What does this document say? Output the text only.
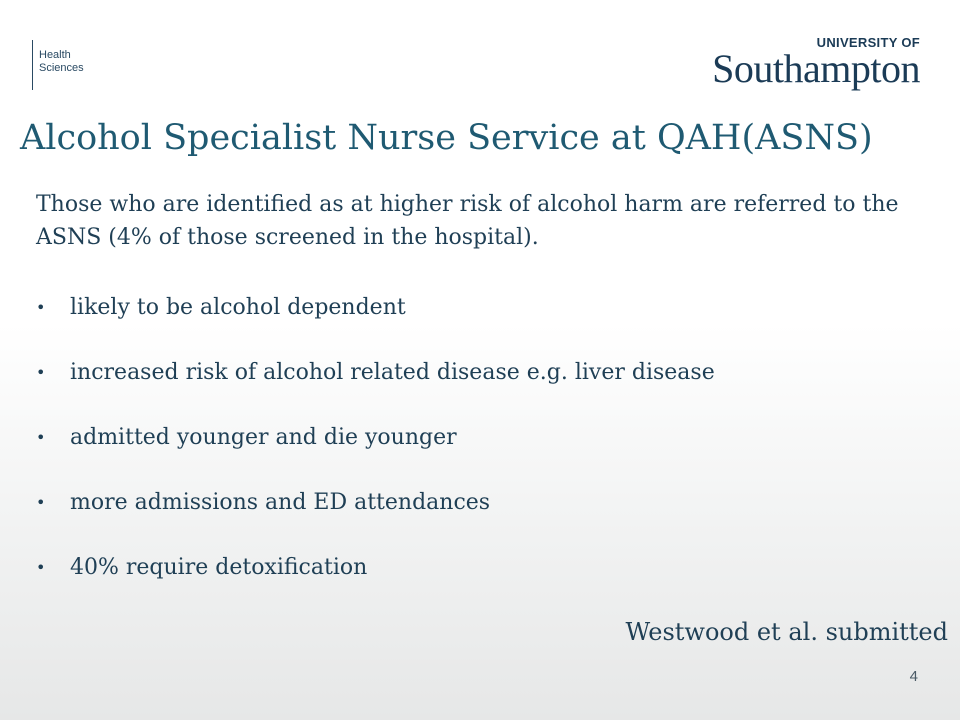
Health
Sciences
UNIVERSITY OF
Southampton
Alcohol Specialist Nurse Service at QAH(ASNS)

Those who are identified as at higher risk of alcohol harm are referred to the ASNS (4% of those screened in the hospital).

• likely to be alcohol dependent
• increased risk of alcohol related disease e.g. liver disease
• admitted younger and die younger
• more admissions and ED attendances
• 40% require detoxification
Westwood et al. submitted
4
